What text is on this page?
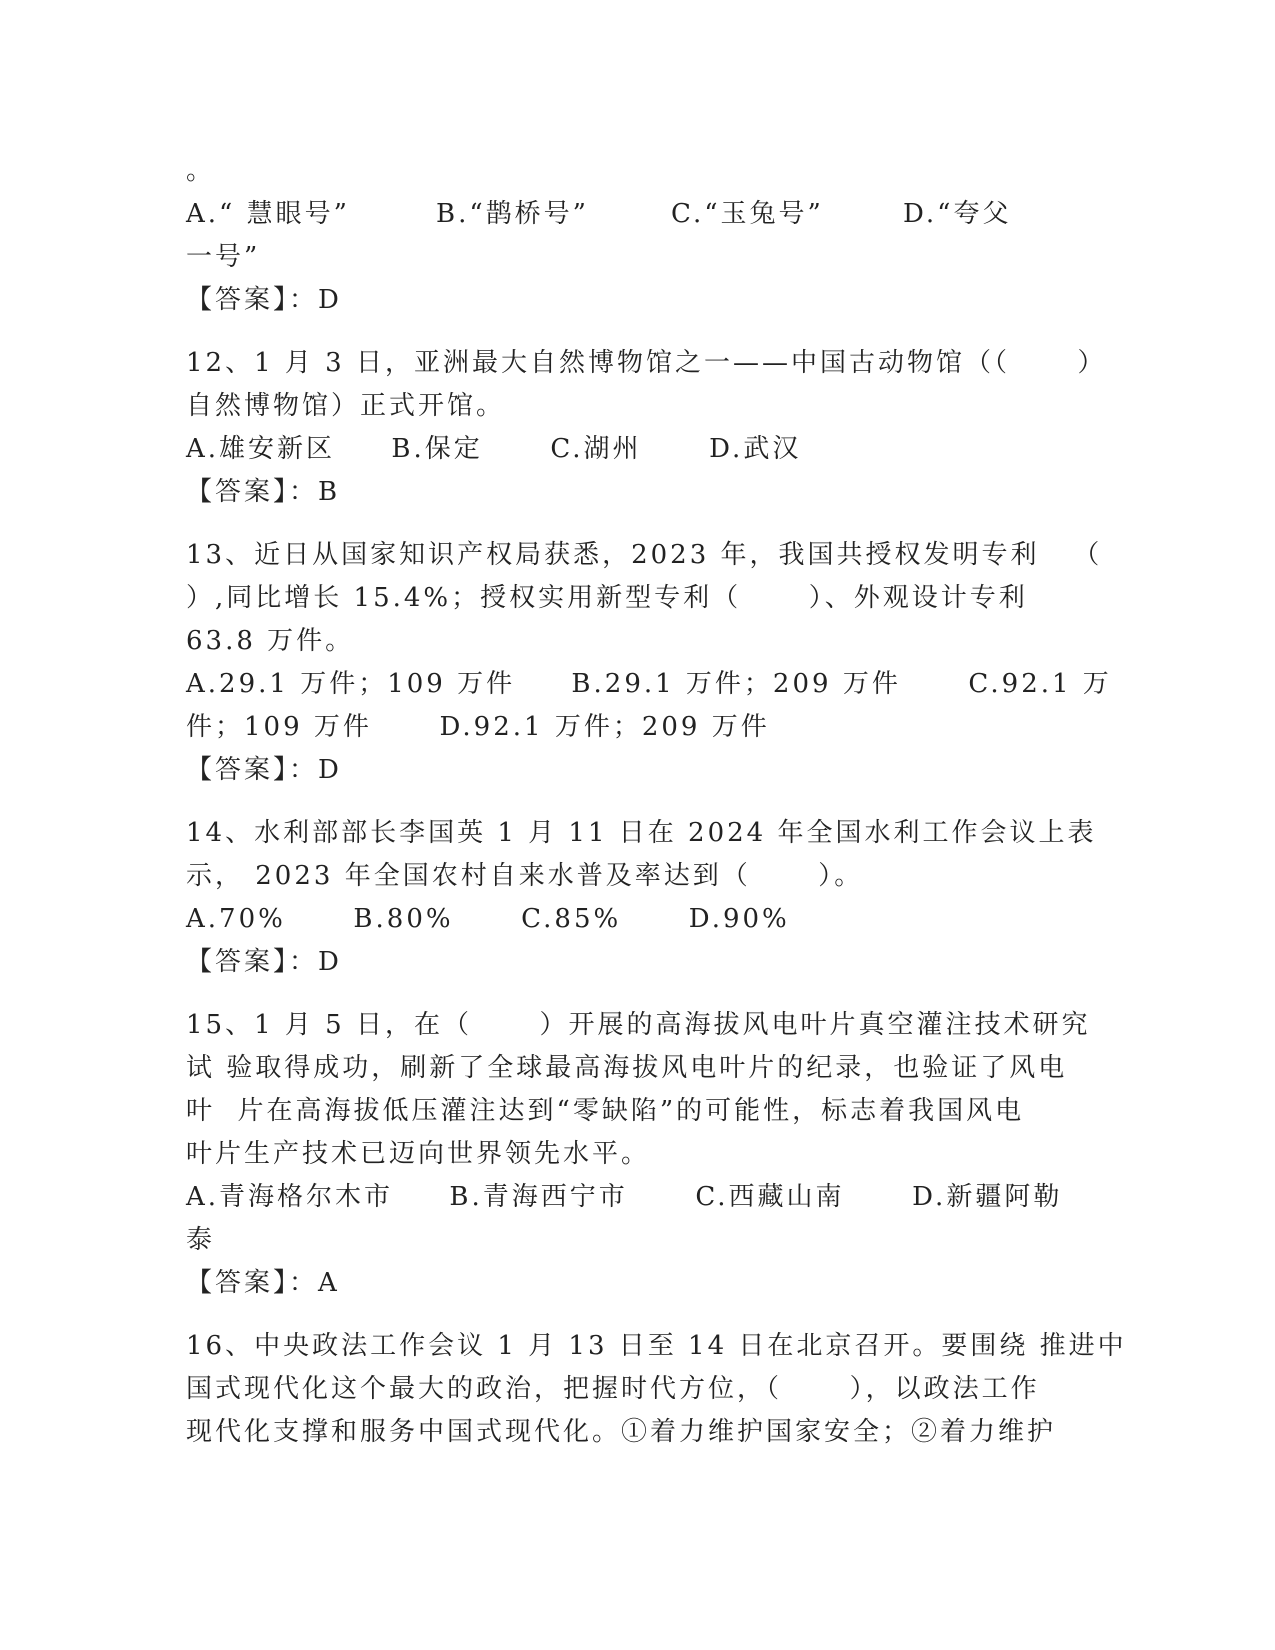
。
A.“ 慧眼号”	B.“鹊桥号”	C.“玉兔号”	D.“夸父
一号”
【答案】：D
12、1 月 3 日，亚洲最大自然博物馆之一——中国古动物馆（（      ）
自然博物馆）正式开馆。
A.雄安新区     B.保定      C.湖州      D.武汉
【答案】：B
13、近日从国家知识产权局获悉，2023 年，我国共授权发明专利   （
）,同比增长 15.4%；授权实用新型专利（      ）、外观设计专利
63.8 万件。
A.29.1 万件；109 万件     B.29.1 万件；209 万件      C.92.1 万
件；109 万件      D.92.1 万件；209 万件
【答案】：D
14、水利部部长李国英 1 月 11 日在 2024 年全国水利工作会议上表
示， 2023 年全国农村自来水普及率达到（      ）。
A.70%      B.80%      C.85%      D.90%
【答案】：D
15、1 月 5 日，在（      ）开展的高海拔风电叶片真空灌注技术研究
试 验取得成功，刷新了全球最高海拔风电叶片的纪录，也验证了风电
叶  片在高海拔低压灌注达到“零缺陷”的可能性，标志着我国风电
叶片生产技术已迈向世界领先水平。
A.青海格尔木市     B.青海西宁市      C.西藏山南      D.新疆阿勒
泰
【答案】：A
16、中央政法工作会议 1 月 13 日至 14 日在北京召开。要围绕 推进中
国式现代化这个最大的政治，把握时代方位，（      ），以政法工作
现代化支撑和服务中国式现代化。①着力维护国家安全；②着力维护
